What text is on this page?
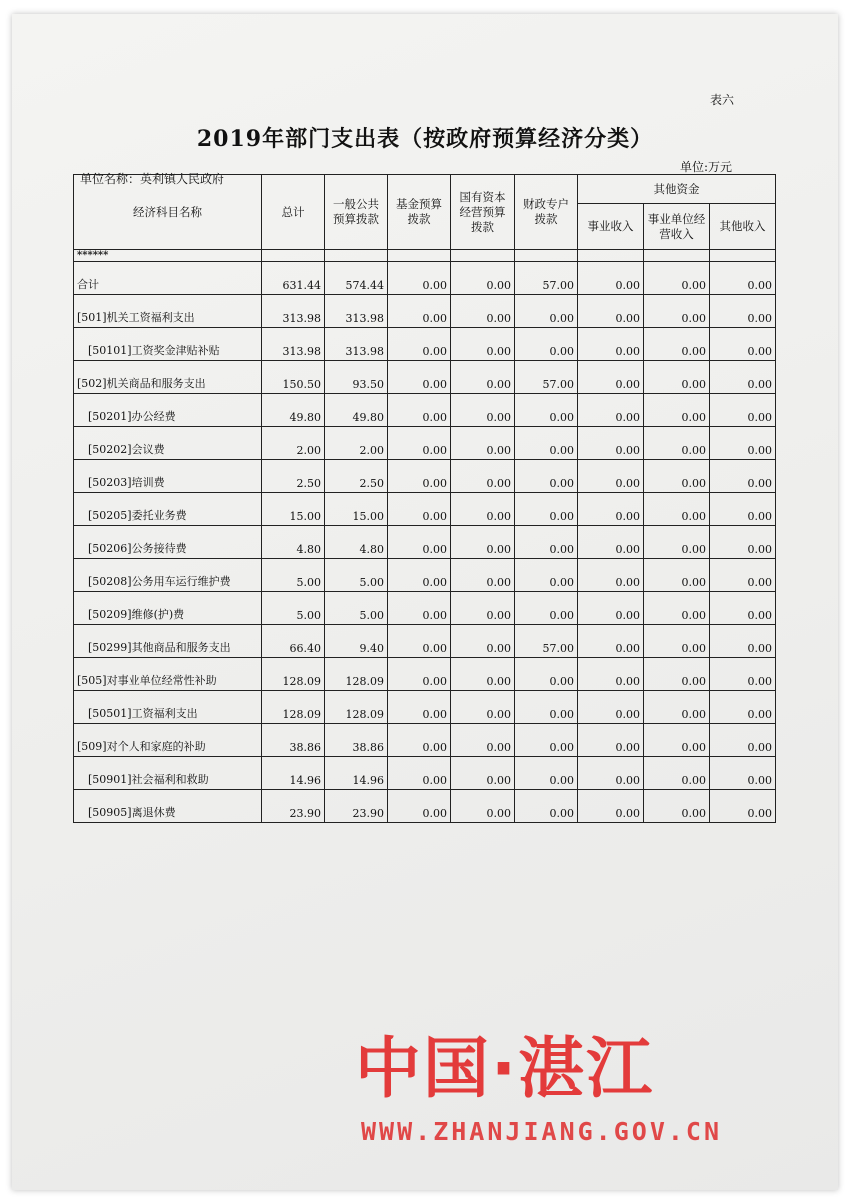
表六
2019年部门支出表（按政府预算经济分类）
单位名称：英利镇人民政府
单位:万元
经济科目名称	总计	一般公共预算拨款	基金预算拨款	国有资本经营预算拨款	财政专户拨款	其他资金		
						事业收入	事业单位经营收入	其他收入
******								
合计	631.44	574.44	0.00	0.00	57.00	0.00	0.00	0.00
[501]机关工资福利支出	313.98	313.98	0.00	0.00	0.00	0.00	0.00	0.00
[50101]工资奖金津贴补贴	313.98	313.98	0.00	0.00	0.00	0.00	0.00	0.00
[502]机关商品和服务支出	150.50	93.50	0.00	0.00	57.00	0.00	0.00	0.00
[50201]办公经费	49.80	49.80	0.00	0.00	0.00	0.00	0.00	0.00
[50202]会议费	2.00	2.00	0.00	0.00	0.00	0.00	0.00	0.00
[50203]培训费	2.50	2.50	0.00	0.00	0.00	0.00	0.00	0.00
[50205]委托业务费	15.00	15.00	0.00	0.00	0.00	0.00	0.00	0.00
[50206]公务接待费	4.80	4.80	0.00	0.00	0.00	0.00	0.00	0.00
[50208]公务用车运行维护费	5.00	5.00	0.00	0.00	0.00	0.00	0.00	0.00
[50209]维修(护)费	5.00	5.00	0.00	0.00	0.00	0.00	0.00	0.00
[50299]其他商品和服务支出	66.40	9.40	0.00	0.00	57.00	0.00	0.00	0.00
[505]对事业单位经常性补助	128.09	128.09	0.00	0.00	0.00	0.00	0.00	0.00
[50501]工资福利支出	128.09	128.09	0.00	0.00	0.00	0.00	0.00	0.00
[509]对个人和家庭的补助	38.86	38.86	0.00	0.00	0.00	0.00	0.00	0.00
[50901]社会福利和救助	14.96	14.96	0.00	0.00	0.00	0.00	0.00	0.00
[50905]离退休费	23.90	23.90	0.00	0.00	0.00	0.00	0.00	0.00
中国·湛江
WWW.ZHANJIANG.GOV.CN
